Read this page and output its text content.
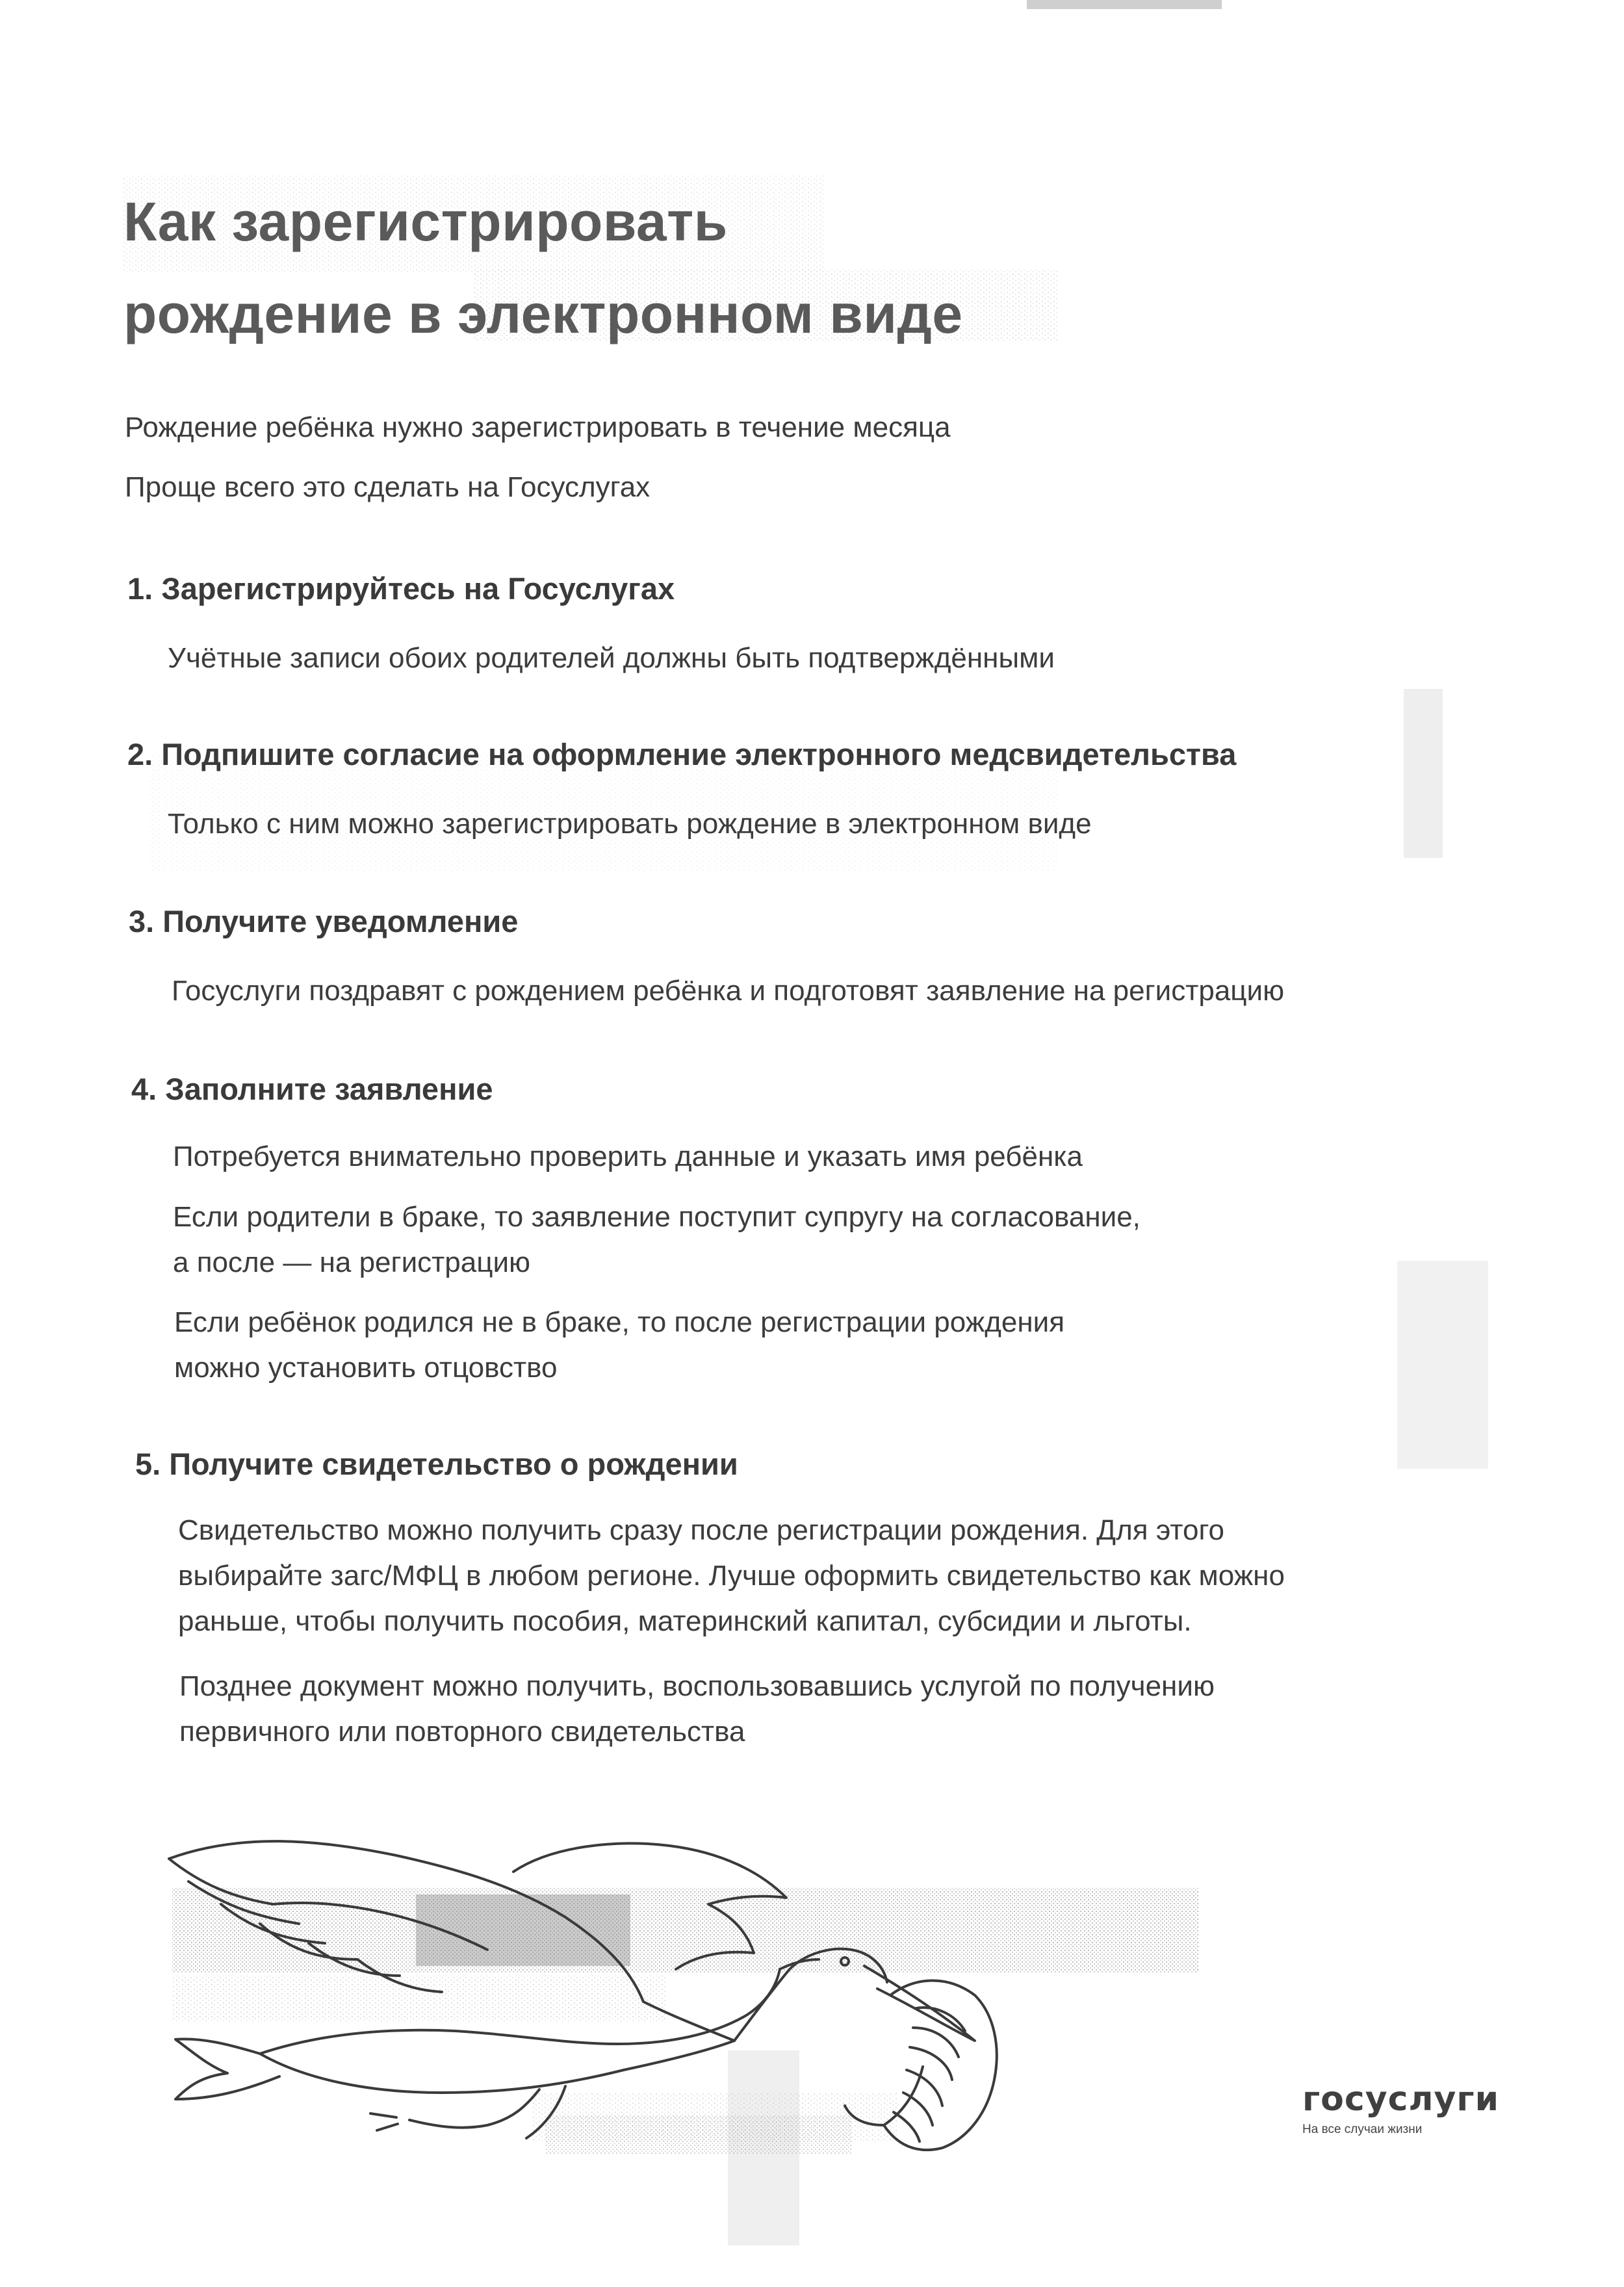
Как зарегистрировать
рождение в электронном виде
Рождение ребёнка нужно зарегистрировать в течение месяца
Проще всего это сделать на Госуслугах
1. Зарегистрируйтесь на Госуслугах
Учётные записи обоих родителей должны быть подтверждёнными
2. Подпишите согласие на оформление электронного медсвидетельства
Только с ним можно зарегистрировать рождение в электронном виде
3. Получите уведомление
Госуслуги поздравят с рождением ребёнка и подготовят заявление на регистрацию
4. Заполните заявление
Потребуется внимательно проверить данные и указать имя ребёнка
Если родители в браке, то заявление поступит супругу на согласование,
а после — на регистрацию
Если ребёнок родился не в браке, то после регистрации рождения
можно установить отцовство
5. Получите свидетельство о рождении
Свидетельство можно получить сразу после регистрации рождения. Для этого
выбирайте загс/МФЦ в любом регионе. Лучше оформить свидетельство как можно
раньше, чтобы получить пособия, материнский капитал, субсидии и льготы.
Позднее документ можно получить, воспользовавшись услугой по получению
первичного или повторного свидетельства
госуслуги
На все случаи жизни
